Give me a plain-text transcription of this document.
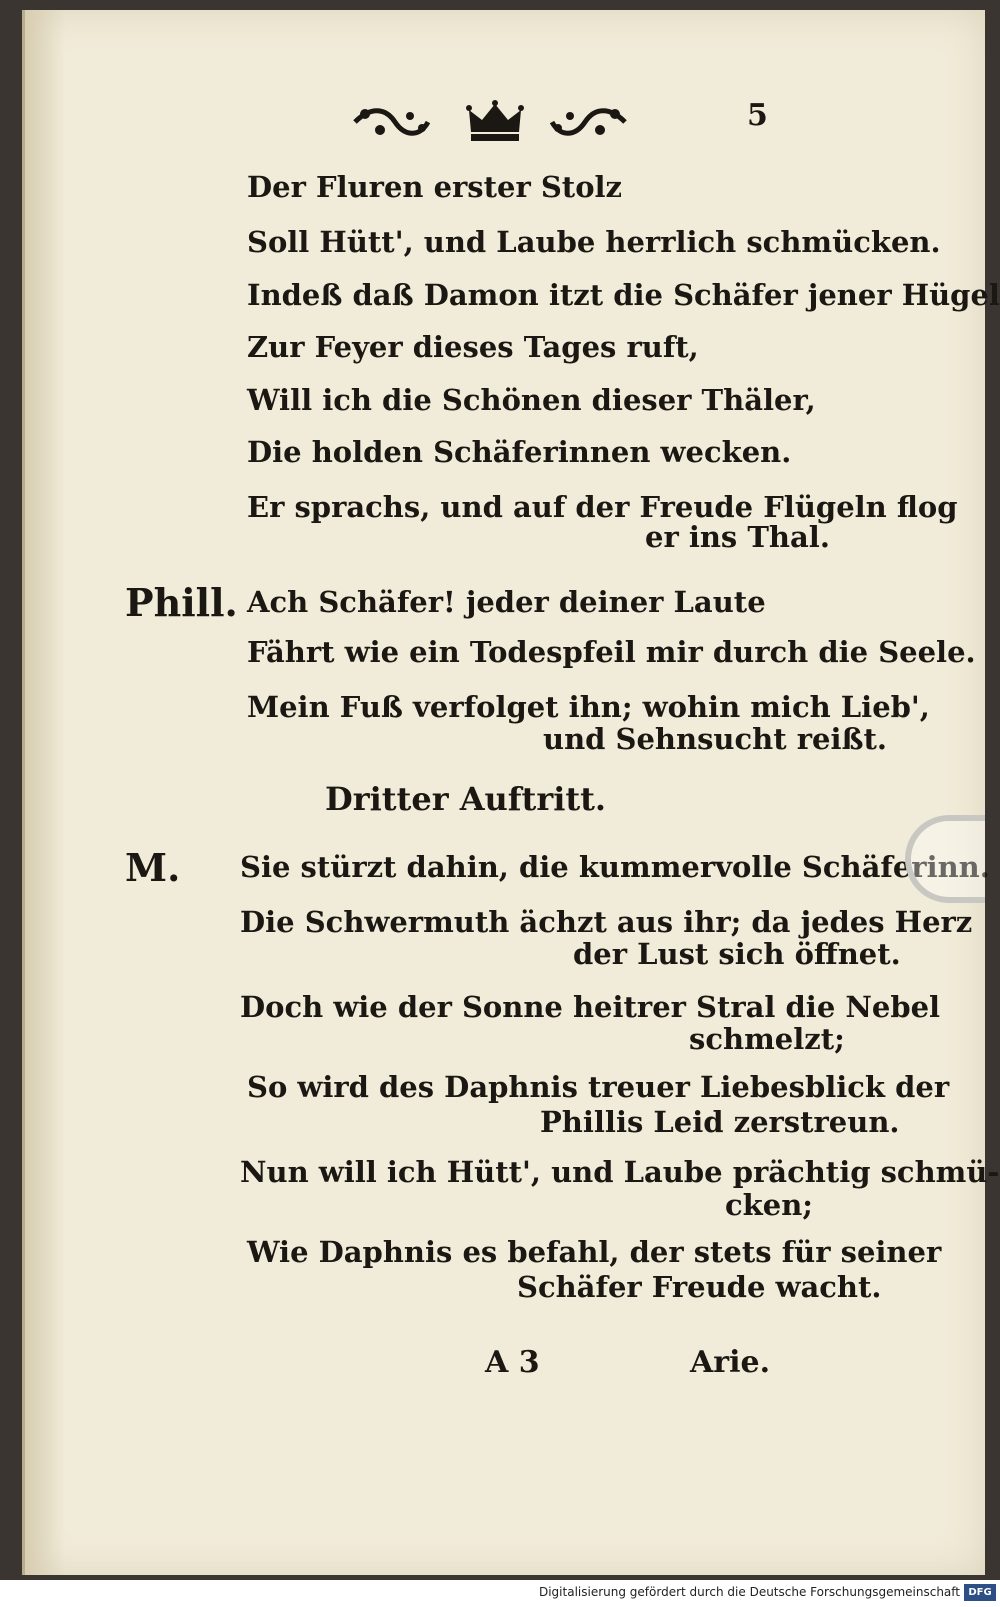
5
Der Fluren erster Stolz
Soll Hütt', und Laube herrlich schmücken.
Indeß daß Damon itzt die Schäfer jener Hügel
Zur Feyer dieses Tages ruft,
Will ich die Schönen dieser Thäler,
Die holden Schäferinnen wecken.
Er sprachs, und auf der Freude Flügeln flog
er ins Thal.
Phill. Ach Schäfer! jeder deiner Laute
Fährt wie ein Todespfeil mir durch die Seele.
Mein Fuß verfolget ihn; wohin mich Lieb',
und Sehnsucht reißt.
Dritter Auftritt.
M. Sie stürzt dahin, die kummervolle Schäferinn.
Die Schwermuth ächzt aus ihr; da jedes Herz
der Lust sich öffnet.
Doch wie der Sonne heitrer Stral die Nebel
schmelzt;
So wird des Daphnis treuer Liebesblick der
Phillis Leid zerstreun.
Nun will ich Hütt', und Laube prächtig schmü-
cken;
Wie Daphnis es befahl, der stets für seiner
Schäfer Freude wacht.
A 3	Arie.
Digitalisierung gefördert durch die Deutsche Forschungsgemeinschaft DFG
